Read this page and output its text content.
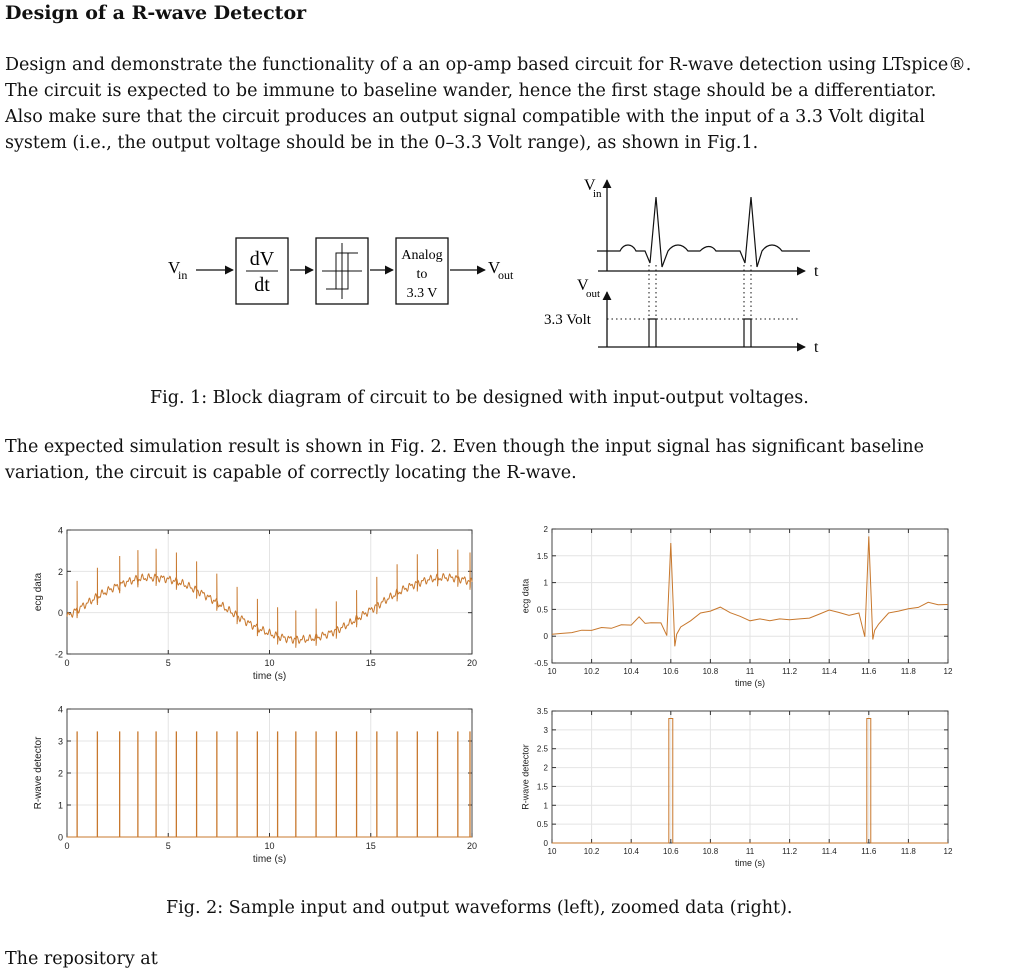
Design of a R-wave Detector
Design and demonstrate the functionality of a an op-amp based circuit for R-wave detection using LTspice®.
The circuit is expected to be immune to baseline wander, hence the first stage should be a differentiator.
Also make sure that the circuit produces an output signal compatible with the input of a 3.3 Volt digital
system (i.e., the output voltage should be in the 0–3.3 Volt range), as shown in Fig.1.
V
in
dV
dt
Analog
to
3.3 V
V
out
V
in
t
V
out
t
3.3 Volt
Fig. 1: Block diagram of circuit to be designed with input-output voltages.
The expected simulation result is shown in Fig. 2. Even though the input signal has significant baseline
variation, the circuit is capable of correctly locating the R-wave.
0	5	10	15	20
-2
0
2
4
time (s)
ecg data
0	5	10	15	20
0
1
2
3
4
time (s)
R-wave detector
10	10.2	10.4	10.6	10.8	11	11.2	11.4	11.6	11.8	12
-0.5
0
0.5
1
1.5
2
time (s)
ecg data
10	10.2	10.4	10.6	10.8	11	11.2	11.4	11.6	11.8	12
0
0.5
1
1.5
2
2.5
3
3.5
time (s)
R-wave detector
Fig. 2: Sample input and output waveforms (left), zoomed data (right).
The repository at
